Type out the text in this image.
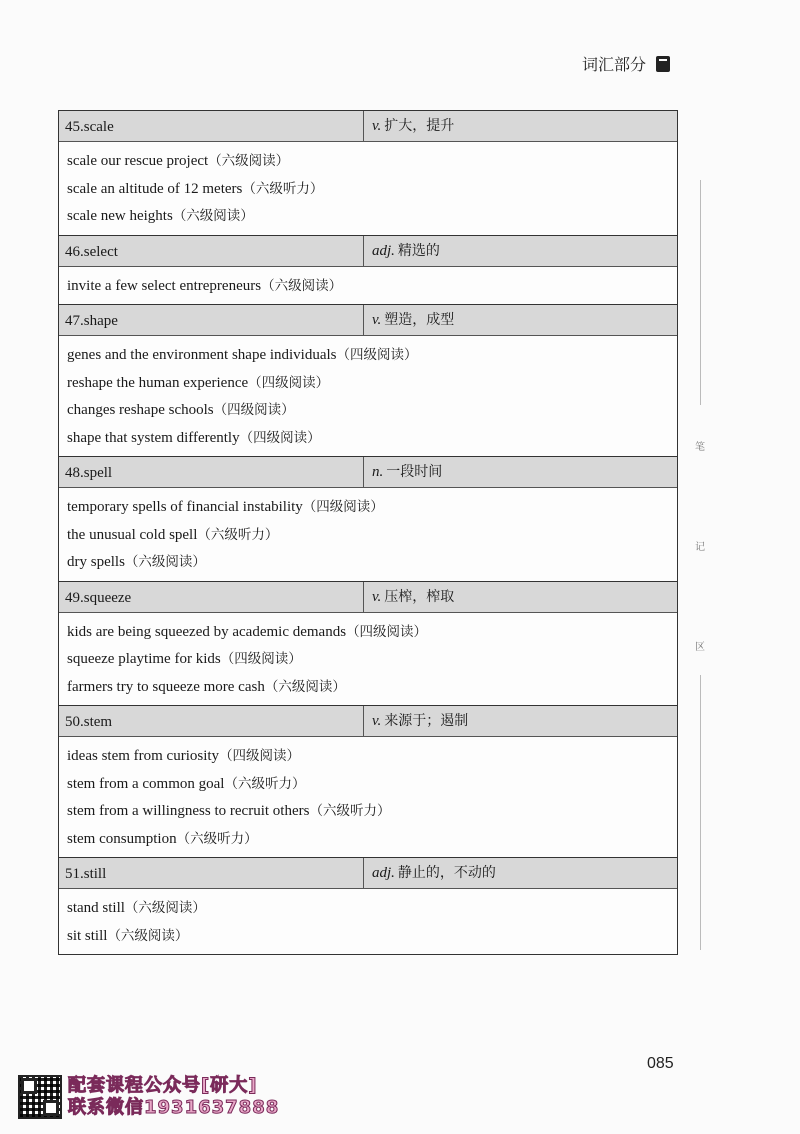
词汇部分
笔
记
区
45.scale	v. 扩大，提升
scale our rescue project（六级阅读）
scale an altitude of 12 meters（六级听力）
scale new heights（六级阅读）
46.select	adj. 精选的
invite a few select entrepreneurs（六级阅读）
47.shape	v. 塑造，成型
genes and the environment shape individuals（四级阅读）
reshape the human experience（四级阅读）
changes reshape schools（四级阅读）
shape that system differently（四级阅读）
48.spell	n. 一段时间
temporary spells of financial instability（四级阅读）
the unusual cold spell（六级听力）
dry spells（六级阅读）
49.squeeze	v. 压榨，榨取
kids are being squeezed by academic demands（四级阅读）
squeeze playtime for kids（四级阅读）
farmers try to squeeze more cash（六级阅读）
50.stem	v. 来源于；遏制
ideas stem from curiosity（四级阅读）
stem from a common goal（六级听力）
stem from a willingness to recruit others（六级听力）
stem consumption（六级听力）
51.still	adj. 静止的，不动的
stand still（六级阅读）
sit still（六级阅读）
085
配套课程公众号[研大]
联系微信1931637888
